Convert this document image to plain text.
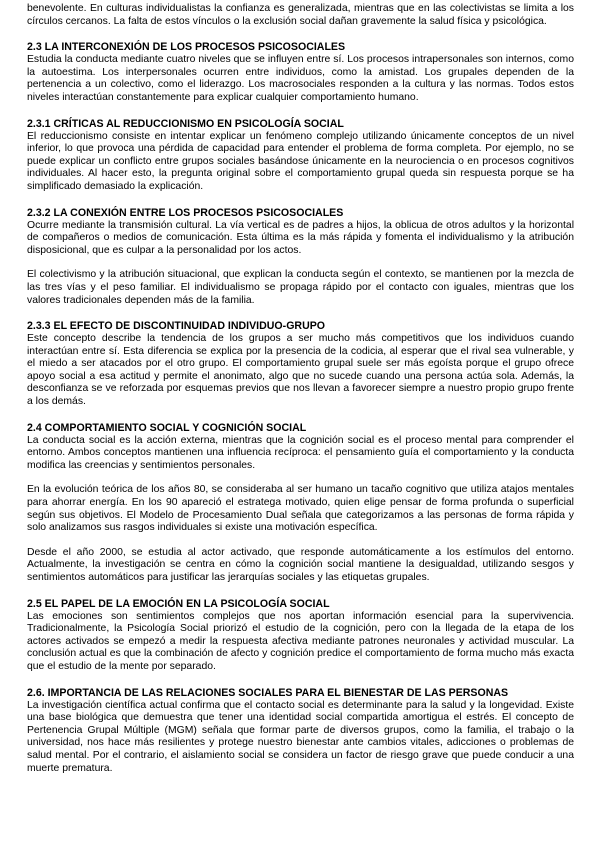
benevolente. En culturas individualistas la confianza es generalizada, mientras que en las colectivistas se limita a los círculos cercanos. La falta de estos vínculos o la exclusión social dañan gravemente la salud física y psicológica.

2.3 LA INTERCONEXIÓN DE LOS PROCESOS PSICOSOCIALES

Estudia la conducta mediante cuatro niveles que se influyen entre sí. Los procesos intrapersonales son internos, como la autoestima. Los interpersonales ocurren entre individuos, como la amistad. Los grupales dependen de la pertenencia a un colectivo, como el liderazgo. Los macrosociales responden a la cultura y las normas. Todos estos niveles interactúan constantemente para explicar cualquier comportamiento humano.

2.3.1 CRÍTICAS AL REDUCCIONISMO EN PSICOLOGÍA SOCIAL

El reduccionismo consiste en intentar explicar un fenómeno complejo utilizando únicamente conceptos de un nivel inferior, lo que provoca una pérdida de capacidad para entender el problema de forma completa. Por ejemplo, no se puede explicar un conflicto entre grupos sociales basándose únicamente en la neurociencia o en procesos cognitivos individuales. Al hacer esto, la pregunta original sobre el comportamiento grupal queda sin respuesta porque se ha simplificado demasiado la explicación.

2.3.2 LA CONEXIÓN ENTRE LOS PROCESOS PSICOSOCIALES

Ocurre mediante la transmisión cultural. La vía vertical es de padres a hijos, la oblicua de otros adultos y la horizontal de compañeros o medios de comunicación. Esta última es la más rápida y fomenta el individualismo y la atribución disposicional, que es culpar a la personalidad por los actos.

El colectivismo y la atribución situacional, que explican la conducta según el contexto, se mantienen por la mezcla de las tres vías y el peso familiar. El individualismo se propaga rápido por el contacto con iguales, mientras que los valores tradicionales dependen más de la familia.

2.3.3 EL EFECTO DE DISCONTINUIDAD INDIVIDUO-GRUPO

Este concepto describe la tendencia de los grupos a ser mucho más competitivos que los individuos cuando interactúan entre sí. Esta diferencia se explica por la presencia de la codicia, al esperar que el rival sea vulnerable, y el miedo a ser atacados por el otro grupo. El comportamiento grupal suele ser más egoísta porque el grupo ofrece apoyo social a esa actitud y permite el anonimato, algo que no sucede cuando una persona actúa sola. Además, la desconfianza se ve reforzada por esquemas previos que nos llevan a favorecer siempre a nuestro propio grupo frente a los demás.

2.4 COMPORTAMIENTO SOCIAL Y COGNICIÓN SOCIAL

La conducta social es la acción externa, mientras que la cognición social es el proceso mental para comprender el entorno. Ambos conceptos mantienen una influencia recíproca: el pensamiento guía el comportamiento y la conducta modifica las creencias y sentimientos personales.

En la evolución teórica de los años 80, se consideraba al ser humano un tacaño cognitivo que utiliza atajos mentales para ahorrar energía. En los 90 apareció el estratega motivado, quien elige pensar de forma profunda o superficial según sus objetivos. El Modelo de Procesamiento Dual señala que categorizamos a las personas de forma rápida y solo analizamos sus rasgos individuales si existe una motivación específica.

Desde el año 2000, se estudia al actor activado, que responde automáticamente a los estímulos del entorno. Actualmente, la investigación se centra en cómo la cognición social mantiene la desigualdad, utilizando sesgos y sentimientos automáticos para justificar las jerarquías sociales y las etiquetas grupales.

2.5 EL PAPEL DE LA EMOCIÓN EN LA PSICOLOGÍA SOCIAL

Las emociones son sentimientos complejos que nos aportan información esencial para la supervivencia. Tradicionalmente, la Psicología Social priorizó el estudio de la cognición, pero con la llegada de la etapa de los actores activados se empezó a medir la respuesta afectiva mediante patrones neuronales y actividad muscular. La conclusión actual es que la combinación de afecto y cognición predice el comportamiento de forma mucho más exacta que el estudio de la mente por separado.

2.6. IMPORTANCIA DE LAS RELACIONES SOCIALES PARA EL BIENESTAR DE LAS PERSONAS

La investigación científica actual confirma que el contacto social es determinante para la salud y la longevidad. Existe una base biológica que demuestra que tener una identidad social compartida amortigua el estrés. El concepto de Pertenencia Grupal Múltiple (MGM) señala que formar parte de diversos grupos, como la familia, el trabajo o la universidad, nos hace más resilientes y protege nuestro bienestar ante cambios vitales, adicciones o problemas de salud mental. Por el contrario, el aislamiento social se considera un factor de riesgo grave que puede conducir a una muerte prematura.
